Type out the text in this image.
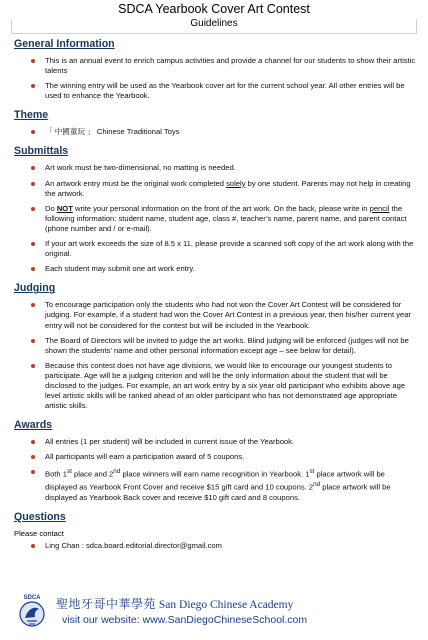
SDCA Yearbook Cover Art Contest
Guidelines
General Information
This is an annual event to enrich campus activities and provide a channel for our students to show their artistic talents
The winning entry will be used as the Yearbook cover art for the current school year. All other entries will be used to enhance the Yearbook.
Theme
「 中國童玩 」 Chinese Traditional Toys
Submittals
Art work must be two-dimensional, no matting is needed.
An artwork entry must be the original work completed solely by one student. Parents may not help in creating the artwork.
Do NOT write your personal information on the front of the art work. On the back, please write in pencil the following information: student name, student age, class #, teacher’s name, parent name, and parent contact (phone number and / or e-mail).
If your art work exceeds the size of 8.5 x 11, please provide a scanned soft copy of the art work along with the original.
Each student may submit one art work entry.
Judging
To encourage participation only the students who had not won the Cover Art Contest will be considered for judging. For example, if a student had won the Cover Art Contest in a previous year, then his/her current year entry will not be considered for the contest but will be included in the Yearbook.
The Board of Directors will be invited to judge the art works. Blind judging will be enforced (judges will not be shown the students’ name and other personal information except age – see below for detail).
Because this contest does not have age divisions, we would like to encourage our youngest students to participate. Age will be a judging criterion and will be the only information about the student that will be disclosed to the judges. For example, an art work entry by a six year old participant who exhibits above age level artistic skills will be ranked ahead of an older participant who has not demonstrated age appropriate artistic skills.
Awards
All entries (1 per student) will be included in current issue of the Yearbook.
All participants will earn a participation award of 5 coupons.
Both 1st place and 2nd place winners will earn name recognition in Yearbook. 1st place artwork will be displayed as Yearbook Front Cover and receive $15 gift card and 10 coupons. 2nd place artwork will be displayed as Yearbook Back cover and receive $10 gift card and 8 coupons.
Questions
Please contact
Ling Chan : sdca.board.editorial.director@gmail.com
SDCA 聖地牙哥中華學苑 San Diego Chinese Academy
visit our website: www.SanDiegoChineseSchool.com
